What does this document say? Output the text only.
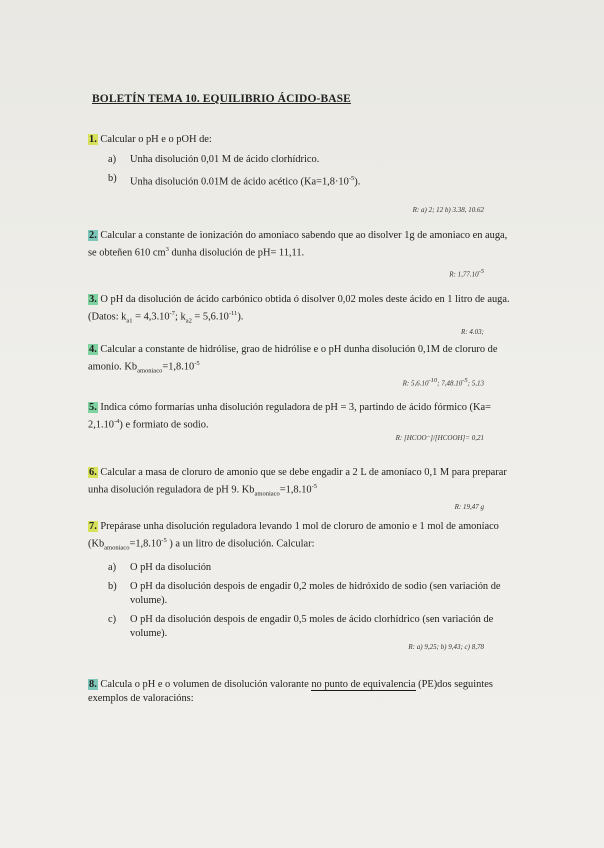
BOLETÍN TEMA 10. EQUILIBRIO ÁCIDO-BASE
1. Calcular o pH e o pOH de:
a)	Unha disolución 0,01 M de ácido clorhídrico.
b)	Unha disolución 0.01M de ácido acético $(Ka=1,8\cdot 10^{-5})$.
R: a) 2; 12 b) 3.38, 10.62
2. Calcular a constante de ionización do amoniaco sabendo que ao disolver 1g de amoniaco en auga, se obteñen 610 $cm^3$ dunha disolución de pH= 11,11.
R: $1,77.10^{-5}$
3. O pH da disolución de ácido carbónico obtida ó disolver 0,02 moles deste ácido en 1 litro de auga. (Datos: $k_{a1} = 4,3.10^{-7}$; $k_{a2} = 5,6.10^{-11}$).
R: 4.03;
4. Calcular a constante de hidrólise, grao de hidrólise e o pH dunha disolución 0,1M de cloruro de amonio. $Kb_{amoniaco}=1,8.10^{-5}$
R: $5,6.10^{-10}$; $7,48.10^{-5}$; 5,13
5. Indica cómo formarías unha disolución reguladora de pH = 3, partindo de ácido fórmico $(Ka= 2,1.10^{-4})$ e formiato de sodio.
R: [HCOO⁻]/[HCOOH]= 0,21
6. Calcular a masa de cloruro de amonio que se debe engadir a 2 L de amoníaco 0,1 M para preparar unha disolución reguladora de pH 9. $Kb_{amoniaco}=1,8.10^{-5}$
R: 19,47 g
7. Prepárase unha disolución reguladora levando 1 mol de cloruro de amonio e 1 mol de amoníaco ($Kb_{amoniaco}=1,8.10^{-5}$ ) a un litro de disolución. Calcular:
a)	O pH da disolución
b)	O pH da disolución despois de engadir 0,2 moles de hidróxido de sodio (sen variación de volume).
c)	O pH da disolución despois de engadir 0,5 moles de ácido clorhídrico (sen variación de volume).
R: a) 9,25; b) 9,43; c) 8,78
8. Calcula o pH e o volumen de disolución valorante no punto de equivalencia (PE)dos seguintes exemplos de valoracións:
